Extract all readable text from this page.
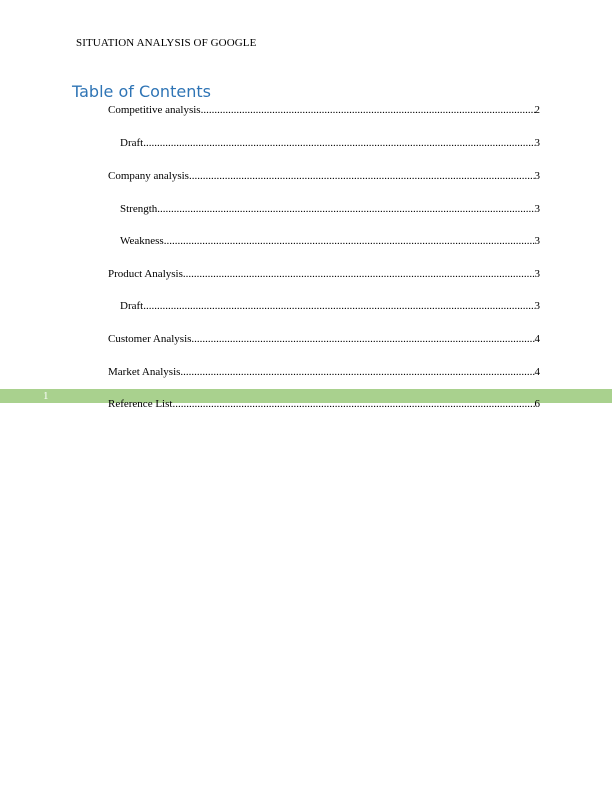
SITUATION ANALYSIS OF GOOGLE
Table of Contents
1
Competitive analysis .....	2
Draft .....	3
Company analysis .....	3
Strength .....	3
Weakness .....	3
Product Analysis .....	3
Draft .....	3
Customer Analysis .....	4
Market Analysis .....	4
Reference List .....	6
